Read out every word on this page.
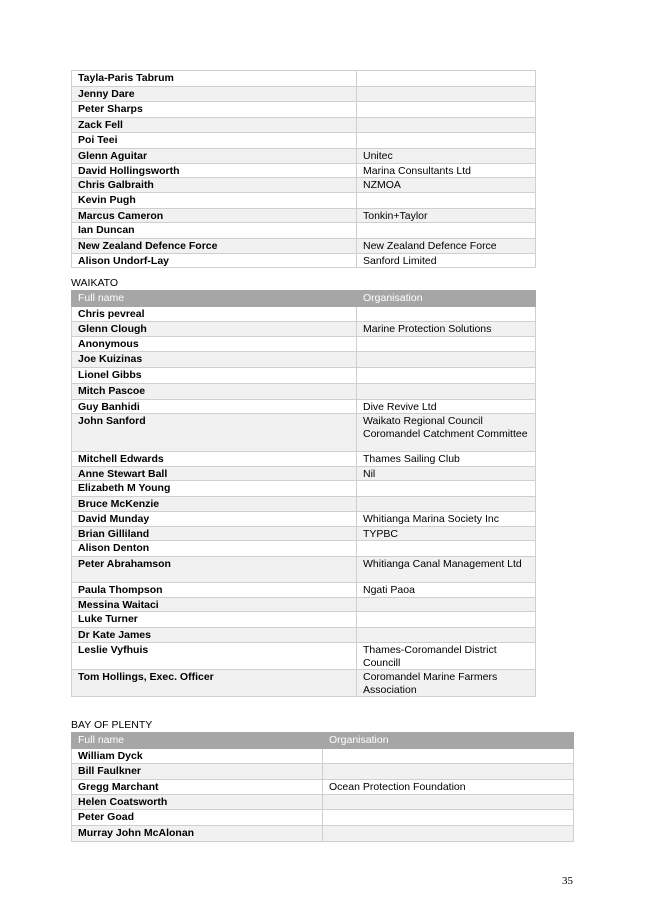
Tayla-Paris Tabrum	
Jenny Dare	
Peter Sharps	
Zack Fell	
Poi Teei	
Glenn Aguitar	Unitec
David Hollingsworth	Marina Consultants Ltd
Chris Galbraith	NZMOA
Kevin Pugh	
Marcus Cameron	Tonkin+Taylor
Ian Duncan	
New Zealand Defence Force	New Zealand Defence Force
Alison Undorf-Lay	Sanford Limited
WAIKATO
Full name	Organisation
Chris pevreal	
Glenn Clough	Marine Protection Solutions
Anonymous	
Joe Kuizinas	
Lionel Gibbs	
Mitch Pascoe	
Guy Banhidi	Dive Revive Ltd
John Sanford	Waikato Regional Council Coromandel Catchment Committee
Mitchell Edwards	Thames Sailing Club
Anne Stewart Ball	Nil
Elizabeth M Young	
Bruce McKenzie	
David Munday	Whitianga Marina Society Inc
Brian Gilliland	TYPBC
Alison Denton	
Peter Abrahamson	Whitianga Canal Management Ltd
Paula Thompson	Ngati Paoa
Messina Waitaci	
Luke Turner	
Dr Kate James	
Leslie Vyfhuis	Thames-Coromandel District Councill
Tom Hollings, Exec. Officer	Coromandel Marine Farmers Association
BAY OF PLENTY
Full name	Organisation
William Dyck	
Bill Faulkner	
Gregg Marchant	Ocean Protection Foundation
Helen Coatsworth	
Peter Goad	
Murray John McAlonan	
35
